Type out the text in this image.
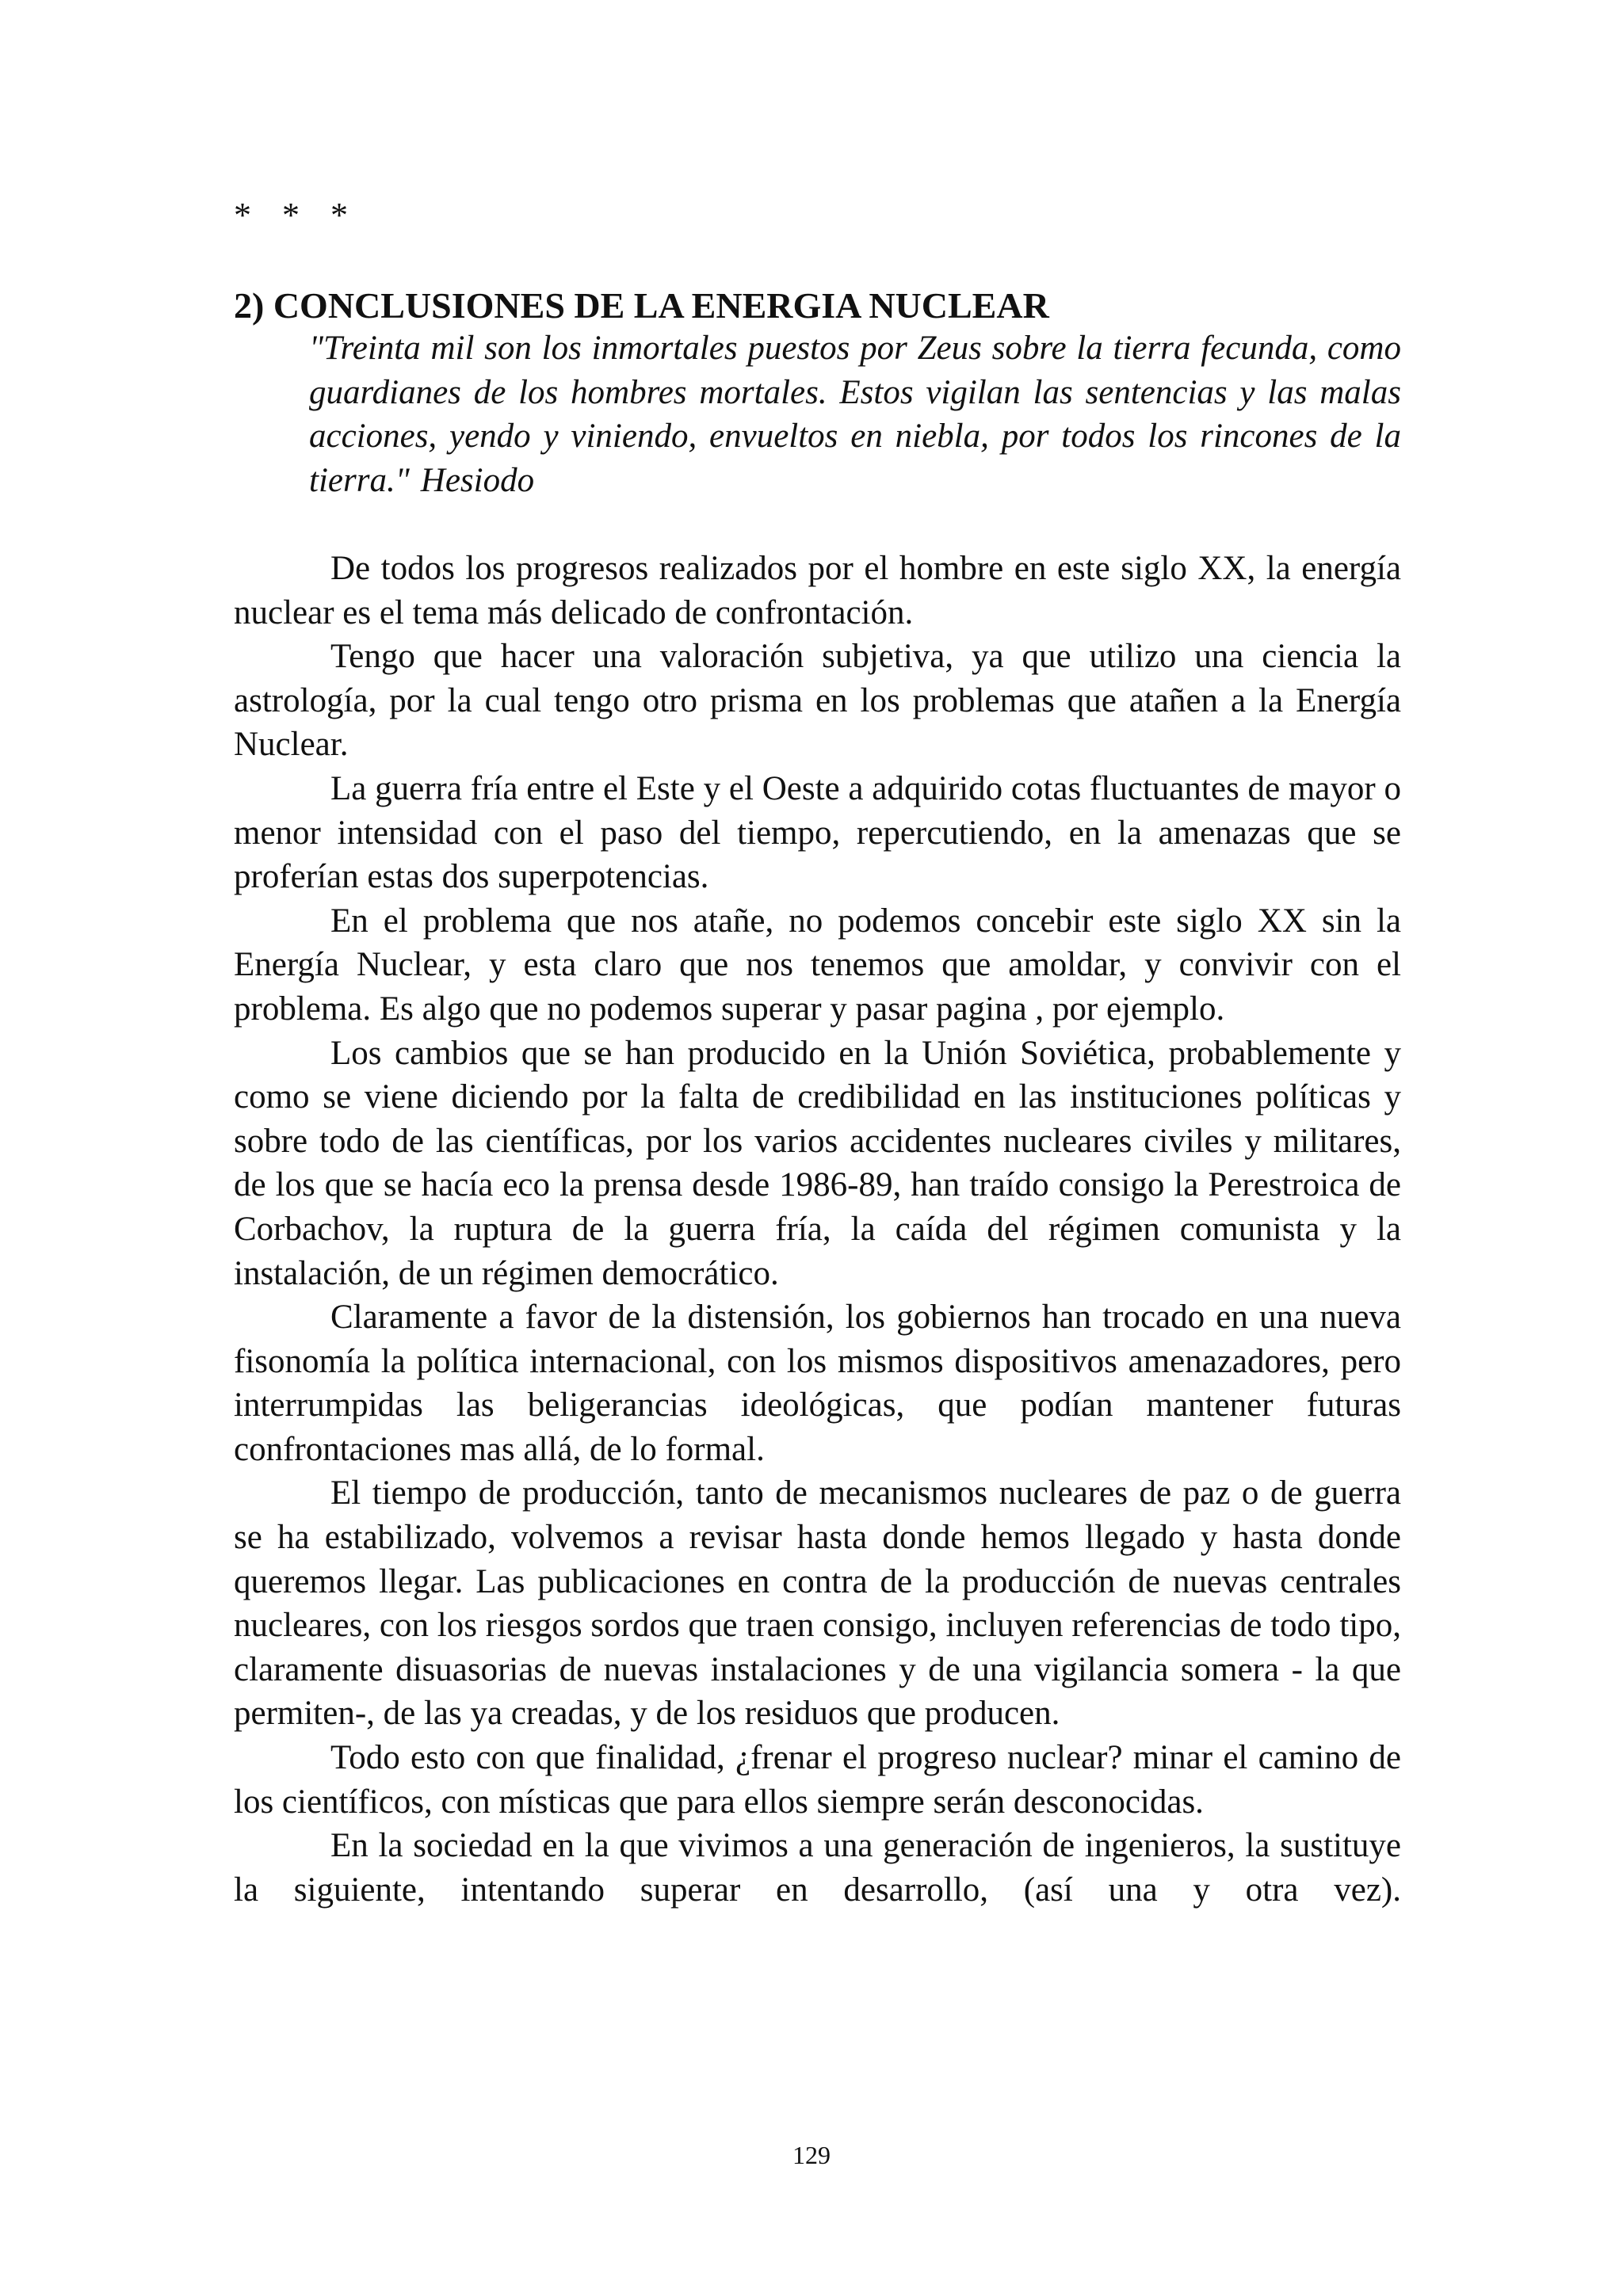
* * *
2) CONCLUSIONES DE LA ENERGIA NUCLEAR
"Treinta mil son los inmortales puestos por Zeus sobre la tierra fecunda, como guardianes de los hombres mortales. Estos vigilan las sentencias y las malas acciones, yendo y viniendo, envueltos en niebla, por todos los rincones de la tierra." Hesiodo

De todos los progresos realizados por el hombre en este siglo XX, la energía nuclear es el tema más delicado de confrontación.

Tengo que hacer una valoración subjetiva, ya que utilizo una ciencia la astrología, por la cual tengo otro prisma en los problemas que atañen a la Energía Nuclear.

La guerra fría entre el Este y el Oeste a adquirido cotas fluctuantes de mayor o menor intensidad con el paso del tiempo, repercutiendo, en la amenazas que se proferían estas dos superpotencias.

En el problema que nos atañe, no podemos concebir este siglo XX sin la Energía Nuclear, y esta claro que nos tenemos que amoldar, y convivir con el problema. Es algo que no podemos superar y pasar pagina , por ejemplo.

Los cambios que se han producido en la Unión Soviética, probablemente y como se viene diciendo por la falta de credibilidad en las instituciones políticas y sobre todo de las científicas, por los varios accidentes nucleares civiles y militares, de los que se hacía eco la prensa desde 1986-89, han traído consigo la Perestroica de Corbachov, la ruptura de la guerra fría, la caída del régimen comunista y la instalación, de un régimen democrático.

Claramente a favor de la distensión, los gobiernos han trocado en una nueva fisonomía la política internacional, con los mismos dispositivos amenazadores, pero interrumpidas las beligerancias ideológicas, que podían mantener futuras confrontaciones mas allá, de lo formal.

El tiempo de producción, tanto de mecanismos nucleares de paz o de guerra se ha estabilizado, volvemos a revisar hasta donde hemos llegado y hasta donde queremos llegar. Las publicaciones en contra de la producción de nuevas centrales nucleares, con los riesgos sordos que traen consigo, incluyen referencias de todo tipo, claramente disuasorias de nuevas instalaciones y de una vigilancia somera - la que permiten-, de las ya creadas, y de los residuos que producen.

Todo esto con que finalidad, ¿frenar el progreso nuclear? minar el camino de los científicos, con místicas que para ellos siempre serán desconocidas.

En la sociedad en la que vivimos a una generación de ingenieros, la sustituye la siguiente, intentando superar en desarrollo, (así una y otra vez).

129
